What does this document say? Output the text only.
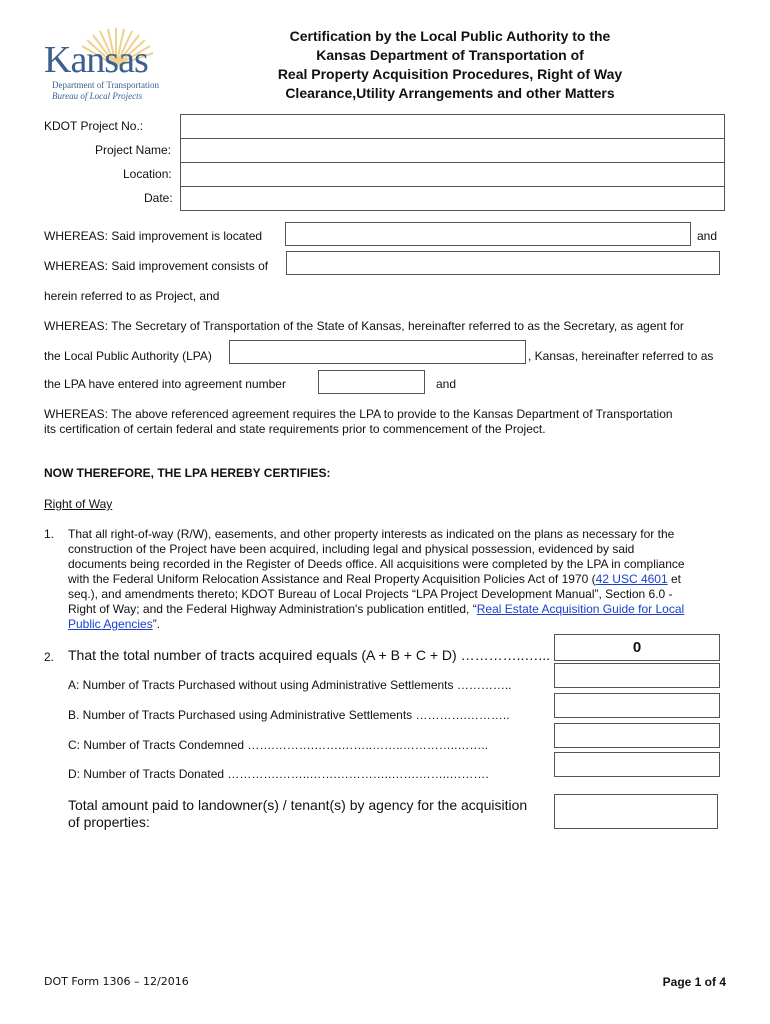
Kansas
Department of Transportation
Bureau of Local Projects
Certification by the Local Public Authority to the
Kansas Department of Transportation of
Real Property Acquisition Procedures, Right of Way
Clearance,Utility Arrangements and other Matters
KDOT Project No.:
Project Name:
Location:
Date:
WHEREAS: Said improvement is located	and
WHEREAS: Said improvement consists of
herein referred to as Project, and
WHEREAS: The Secretary of Transportation of the State of Kansas, hereinafter referred to as the Secretary, as agent for
the Local Public Authority (LPA)	, Kansas, hereinafter referred to as
the LPA have entered into agreement number	and
WHEREAS: The above referenced agreement requires the LPA to provide to the Kansas Department of Transportation
its certification of certain federal and state requirements prior to commencement of the Project.
NOW THEREFORE, THE LPA HEREBY CERTIFIES:
Right of Way
1. That all right-of-way (R/W), easements, and other property interests as indicated on the plans as necessary for the
construction of the Project have been acquired, including legal and physical possession, evidenced by said
documents being recorded in the Register of Deeds office. All acquisitions were completed by the LPA in compliance
with the Federal Uniform Relocation Assistance and Real Property Acquisition Policies Act of 1970 (42 USC 4601 et
seq.), and amendments thereto; KDOT Bureau of Local Projects “LPA Project Development Manual”, Section 6.0 -
Right of Way; and the Federal Highway Administration's publication entitled, “Real Estate Acquisition Guide for Local
Public Agencies”.
2. That the total number of tracts acquired equals (A + B + C + D) …………..…...	0
A: Number of Tracts Purchased without using Administrative Settlements …………..
B. Number of Tracts Purchased using Administrative Settlements ………….………..
C: Number of Tracts Condemned …….……….…….……..……..…………..……..
D: Number of Tracts Donated ………….……..…….…………..…….……..……….
Total amount paid to landowner(s) / tenant(s) by agency for the acquisition
of properties:
DOT Form 1306 – 12/2016	Page 1 of 4
